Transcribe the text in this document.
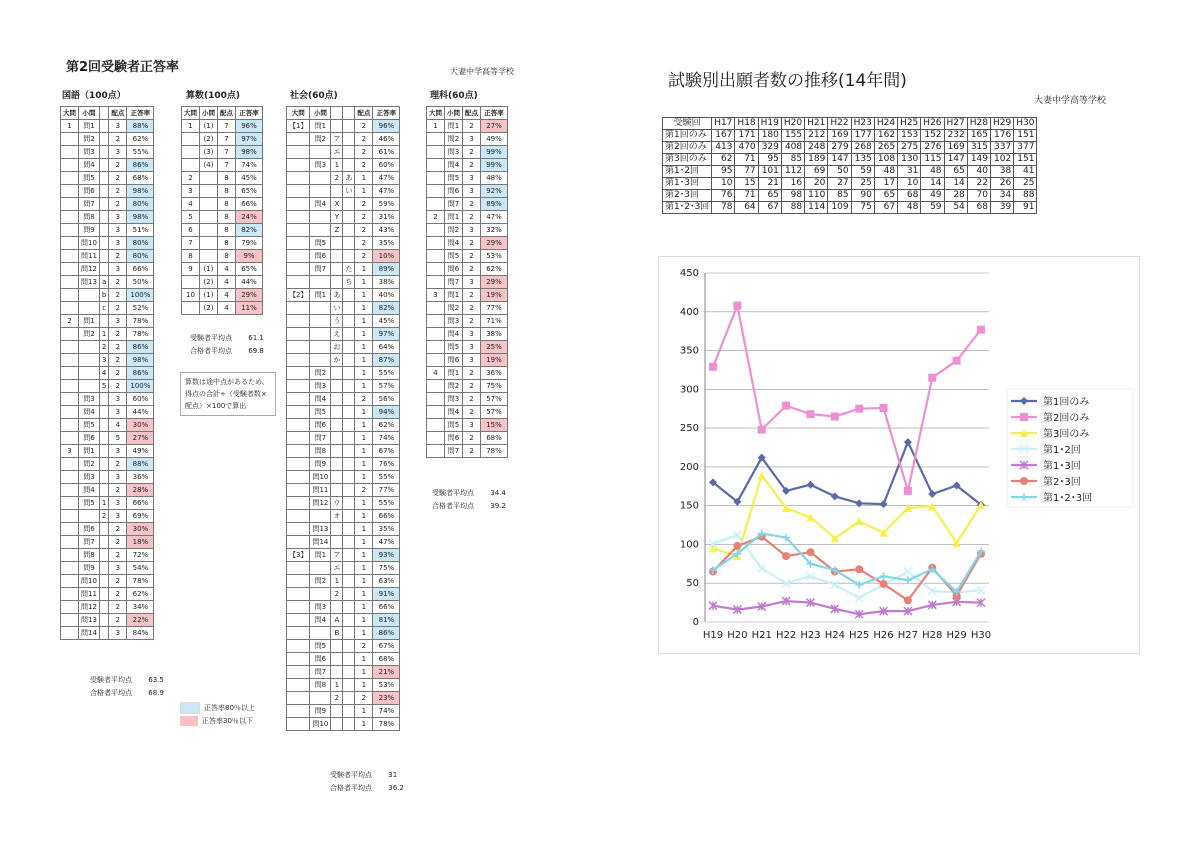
第2回受験者正答率	大妻中学高等学校
国語（100点）	算数(100点)	社会(60点)	理科(60点)
大問	小問		配点	正答率
1	問1		3	88%
	問2		2	62%
	問3		3	55%
	問4		2	86%
	問5		2	68%
	問6		2	98%
	問7		2	80%
	問8		3	98%
	問9		3	51%
	問10		3	80%
	問11		2	80%
	問12		3	66%
	問13	a	2	50%
		b	2	100%
		c	2	52%
2	問1		3	78%
	問2	1	2	78%
		2	2	86%
		3	2	98%
		4	2	86%
		5	2	100%
	問3		3	60%
	問4		3	44%
	問5		4	30%
	問6		5	27%
3	問1		3	49%
	問2		2	88%
	問3		3	36%
	問4		2	28%
	問5	1	3	66%
		2	3	69%
	問6		2	30%
	問7		2	18%
	問8		2	72%
	問9		3	54%
	問10		2	78%
	問11		2	62%
	問12		2	34%
	問13		2	22%
	問14		3	84%
受験者平均点 63.5
合格者平均点 68.9
大問	小問	配点	正答率
1	(1)	7	96%
	(2)	7	97%
	(3)	7	98%
	(4)	7	74%
2		8	45%
3		8	65%
4		8	66%
5		8	24%
6		8	82%
7		8	79%
8		8	9%
9	(1)	4	65%
	(2)	4	44%
10	(1)	4	29%
	(2)	4	11%
受験者平均点 61.1
合格者平均点 69.8
算数は途中点があるため、得点の合計÷（受験者数×配点）×100で算出
大問	小問			配点	正答率
【1】	問1			2	96%
	問2	ア		2	46%
		エ		2	61%
	問3	1		2	60%
		2	あ	1	47%
			い	1	47%
	問4	X		2	59%
		Y		2	31%
		Z		2	43%
	問5			2	35%
	問6			2	10%
	問7		た	1	89%
			ち	1	38%
【2】	問1	あ		1	40%
		い		1	82%
		う		1	45%
		え		1	97%
		お		1	64%
		か		1	87%
	問2			1	55%
	問3			1	57%
	問4			2	56%
	問5			1	94%
	問6			1	62%
	問7			1	74%
	問8			1	67%
	問9			1	76%
	問10			1	55%
	問11			2	77%
	問12	ウ		1	55%
		オ		1	66%
	問13			1	35%
	問14			1	47%
【3】	問1	ア		1	93%
		エ		1	75%
	問2	1		1	63%
		2		1	91%
	問3			1	66%
	問4	A		1	81%
		B		1	86%
	問5			2	67%
	問6			1	68%
	問7			1	21%
	問8	1		1	53%
		2		2	23%
	問9			1	74%
	問10			1	78%
受験者平均点 31
合格者平均点 36.2
大問	小問	配点	正答率
1	問1	2	27%
	問2	3	49%
	問3	2	99%
	問4	2	99%
	問5	3	48%
	問6	3	92%
	問7	2	89%
2	問1	2	47%
	問2	3	32%
	問4	2	29%
	問5	2	53%
	問6	2	62%
	問7	3	29%
3	問1	2	19%
	問2	2	77%
	問3	2	71%
	問4	3	38%
	問5	3	25%
	問6	3	19%
4	問1	2	36%
	問2	2	75%
	問3	2	57%
	問4	2	57%
	問5	3	15%
	問6	2	68%
	問7	2	78%
受験者平均点 34.4
合格者平均点 39.2
正答率80％以上
正答率30％以下
試験別出願者数の推移(14年間)
大妻中学高等学校
受験回	H17	H18	H19	H20	H21	H22	H23	H24	H25	H26	H27	H28	H29	H30
第1回のみ	167	171	180	155	212	169	177	162	153	152	232	165	176	151
第2回のみ	413	470	329	408	248	279	268	265	275	276	169	315	337	377
第3回のみ	62	71	95	85	189	147	135	108	130	115	147	149	102	151
第1･2回	95	77	101	112	69	50	59	48	31	48	65	40	38	41
第1･3回	10	15	21	16	20	27	25	17	10	14	14	22	26	25
第2･3回	76	71	65	98	110	85	90	65	68	49	28	70	34	88
第1･2･3回	78	64	67	88	114	109	75	67	48	59	54	68	39	91
0
50
100
150
200
250
300
350
400
450
H19 H20 H21 H22 H23 H24 H25 H26 H27 H28 H29 H30
第1回のみ
第2回のみ
第3回のみ
第1･2回
第1･3回
第2･3回
第1･2･3回
